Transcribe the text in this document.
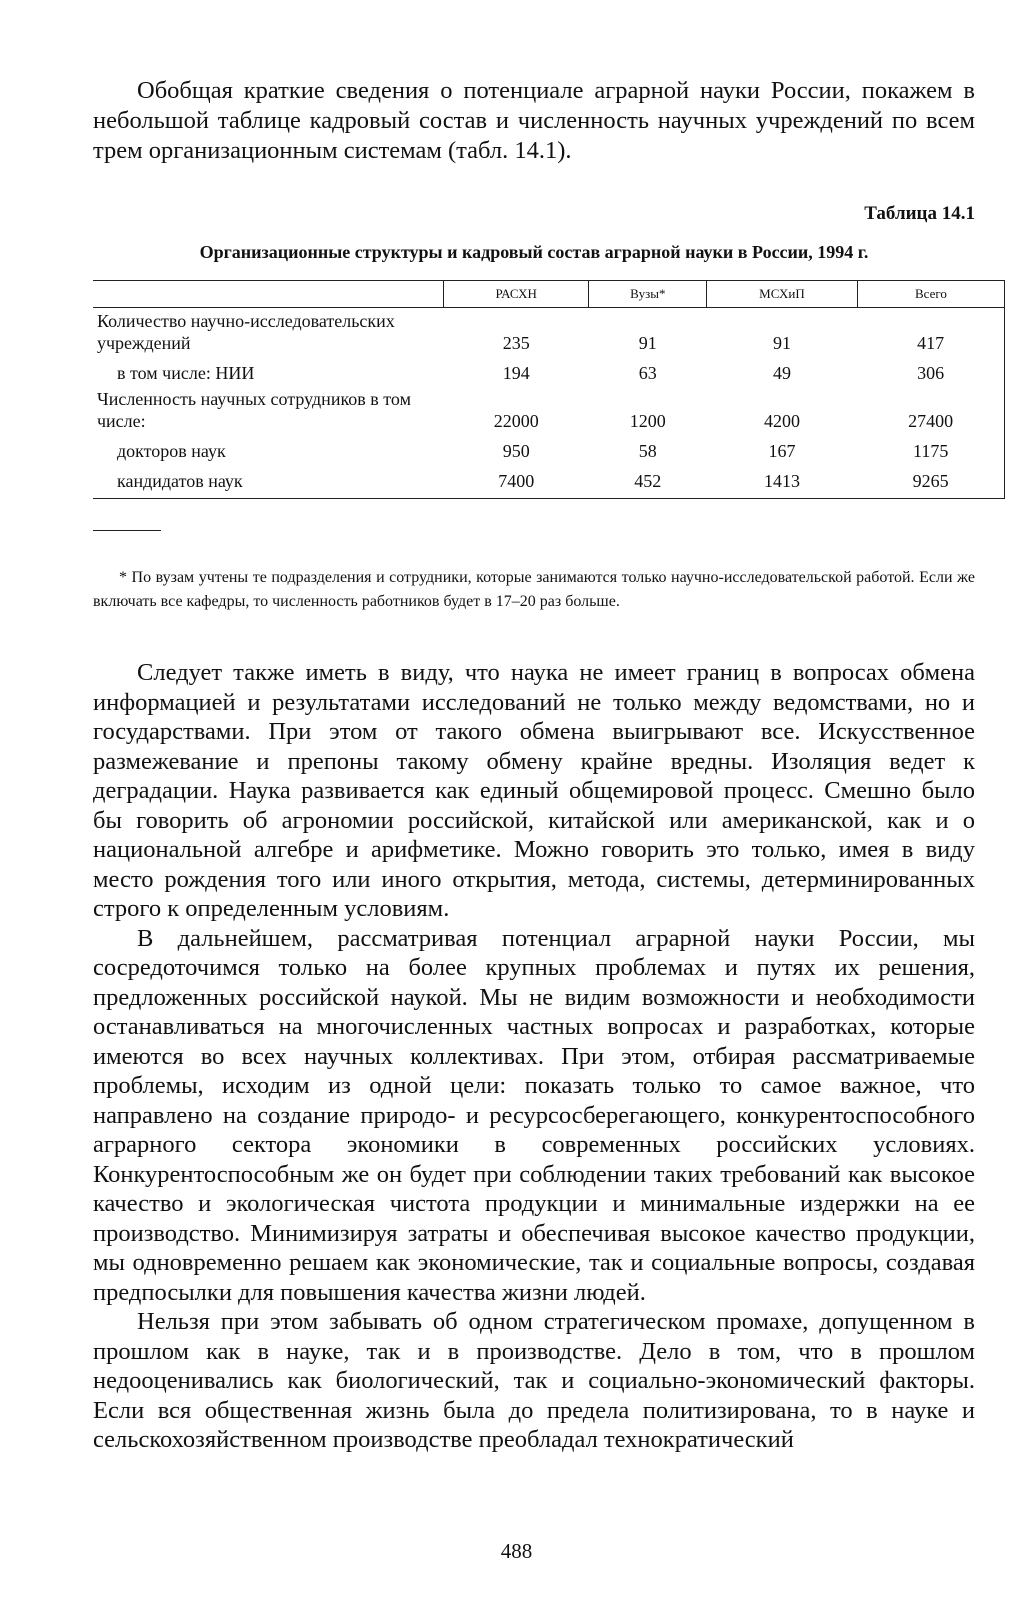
Обобщая краткие сведения о потенциале аграрной науки России, покажем в небольшой таблице кадровый состав и численность научных учреждений по всем трем организационным системам (табл. 14.1).

Таблица 14.1
Организационные структуры и кадровый состав аграрной науки в России, 1994 г.
	РАСХН	Вузы*	МСХиП	Всего
Количество научно-исследовательских учреждений	235	91	91	417
в том числе: НИИ	194	63	49	306
Численность научных сотрудников в том числе:	22000	1200	4200	27400
докторов наук	950	58	167	1175
кандидатов наук	7400	452	1413	9265

* По вузам учтены те подразделения и сотрудники, которые занимаются только научно-исследовательской работой. Если же включать все кафедры, то численность работников будет в 17–20 раз больше.

Следует также иметь в виду, что наука не имеет границ в вопросах обмена информацией и результатами исследований не только между ведомствами, но и государствами. При этом от такого обмена выигрывают все. Искусственное размежевание и препоны такому обмену крайне вредны. Изоляция ведет к деградации. Наука развивается как единый общемировой процесс. Смешно было бы говорить об агрономии российской, китайской или американской, как и о национальной алгебре и арифметике. Можно говорить это только, имея в виду место рождения того или иного открытия, метода, системы, детерминированных строго к определенным условиям.

В дальнейшем, рассматривая потенциал аграрной науки России, мы сосредоточимся только на более крупных проблемах и путях их решения, предложенных российской наукой. Мы не видим возможности и необходимости останавливаться на многочисленных частных вопросах и разработках, которые имеются во всех научных коллективах. При этом, отбирая рассматриваемые проблемы, исходим из одной цели: показать только то самое важное, что направлено на создание природо- и ресурсосберегающего, конкурентоспособного аграрного сектора экономики в современных российских условиях. Конкурентоспособным же он будет при соблюдении таких требований как высокое качество и экологическая чистота продукции и минимальные издержки на ее производство. Минимизируя затраты и обеспечивая высокое качество продукции, мы одновременно решаем как экономические, так и социальные вопросы, создавая предпосылки для повышения качества жизни людей.

Нельзя при этом забывать об одном стратегическом промахе, допущенном в прошлом как в науке, так и в производстве. Дело в том, что в прошлом недооценивались как биологический, так и социально-экономический факторы. Если вся общественная жизнь была до предела политизирована, то в науке и сельскохозяйственном производстве преобладал технократический

488
